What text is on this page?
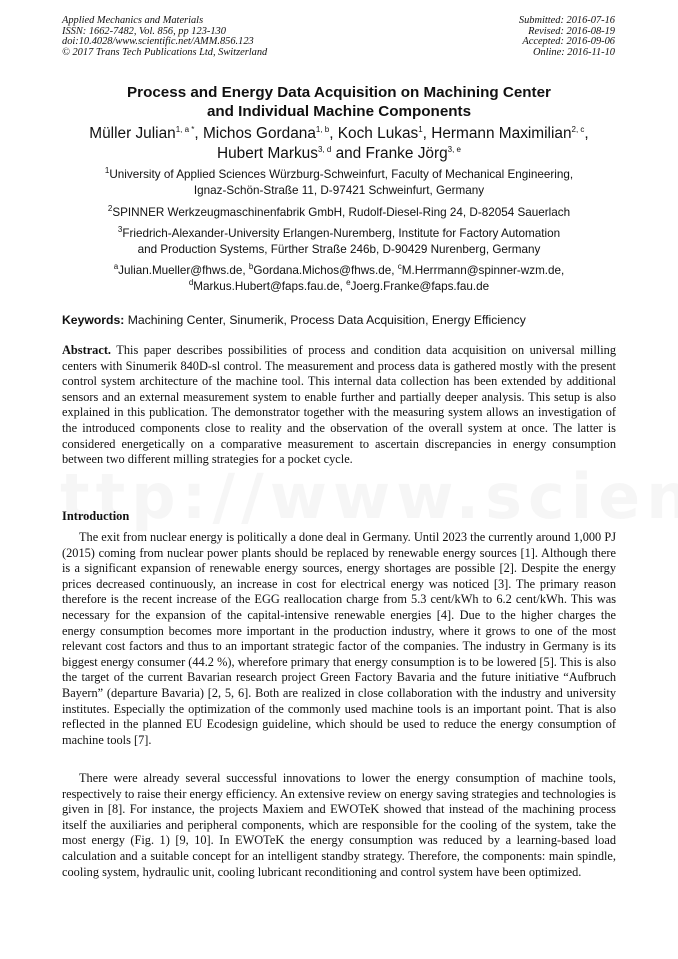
Applied Mechanics and Materials
ISSN: 1662-7482, Vol. 856, pp 123-130
doi:10.4028/www.scientific.net/AMM.856.123
© 2017 Trans Tech Publications Ltd, Switzerland
Submitted: 2016-07-16
Revised: 2016-08-19
Accepted: 2016-09-06
Online: 2016-11-10
Process and Energy Data Acquisition on Machining Center
and Individual Machine Components
Müller Julian$^{1, a *}$, Michos Gordana$^{1, b}$, Koch Lukas$^1$, Hermann Maximilian$^{2, c}$,
Hubert Markus$^{3, d}$ and Franke Jörg$^{3, e}$
$^1$University of Applied Sciences Würzburg-Schweinfurt, Faculty of Mechanical Engineering,
Ignaz-Schön-Straße 11, D-97421 Schweinfurt, Germany
$^2$SPINNER Werkzeugmaschinenfabrik GmbH, Rudolf-Diesel-Ring 24, D-82054 Sauerlach
$^3$Friedrich-Alexander-University Erlangen-Nuremberg, Institute for Factory Automation
and Production Systems, Fürther Straße 246b, D-90429 Nurenberg, Germany
$^a$Julian.Mueller@fhws.de, $^b$Gordana.Michos@fhws.de, $^c$M.Herrmann@spinner-wzm.de,
$^d$Markus.Hubert@faps.fau.de, $^e$Joerg.Franke@faps.fau.de
Keywords: Machining Center, Sinumerik, Process Data Acquisition, Energy Efficiency
Abstract. This paper describes possibilities of process and condition data acquisition on universal milling centers with Sinumerik 840D-sl control. The measurement and process data is gathered mostly with the present control system architecture of the machine tool. This internal data collection has been extended by additional sensors and an external measurement system to enable further and partially deeper analysis. This setup is also explained in this publication. The demonstrator together with the measuring system allows an investigation of the introduced components close to reality and the observation of the overall system at once. The latter is considered energetically on a comparative measurement to ascertain discrepancies in energy consumption between two different milling strategies for a pocket cycle.
Introduction
The exit from nuclear energy is politically a done deal in Germany. Until 2023 the currently around 1,000 PJ (2015) coming from nuclear power plants should be replaced by renewable energy sources [1]. Although there is a significant expansion of renewable energy sources, energy shortages are possible [2]. Despite the energy prices decreased continuously, an increase in cost for electrical energy was noticed [3]. The primary reason therefore is the recent increase of the EGG reallocation charge from 5.3 cent/kWh to 6.2 cent/kWh. This was necessary for the expansion of the capital-intensive renewable energies [4]. Due to the higher charges the energy consumption becomes more important in the production industry, where it grows to one of the most relevant cost factors and thus to an important strategic factor of the companies. The industry in Germany is its biggest energy consumer (44.2 %), wherefore primary that energy consumption is to be lowered [5]. This is also the target of the current Bavarian research project Green Factory Bavaria and the future initiative “Aufbruch Bayern” (departure Bavaria) [2, 5, 6]. Both are realized in close collaboration with the industry and university institutes. Especially the optimization of the commonly used machine tools is an important point. That is also reflected in the planned EU Ecodesign guideline, which should be used to reduce the energy consumption of machine tools [7].
There were already several successful innovations to lower the energy consumption of machine tools, respectively to raise their energy efficiency. An extensive review on energy saving strategies and technologies is given in [8]. For instance, the projects Maxiem and EWOTeK showed that instead of the machining process itself the auxiliaries and peripheral components, which are responsible for the cooling of the system, take the most energy (Fig. 1) [9, 10]. In EWOTeK the energy consumption was reduced by a learning-based load calculation and a suitable concept for an intelligent standby strategy. Therefore, the components: main spindle, cooling system, hydraulic unit, cooling lubricant reconditioning and control system have been optimized.
